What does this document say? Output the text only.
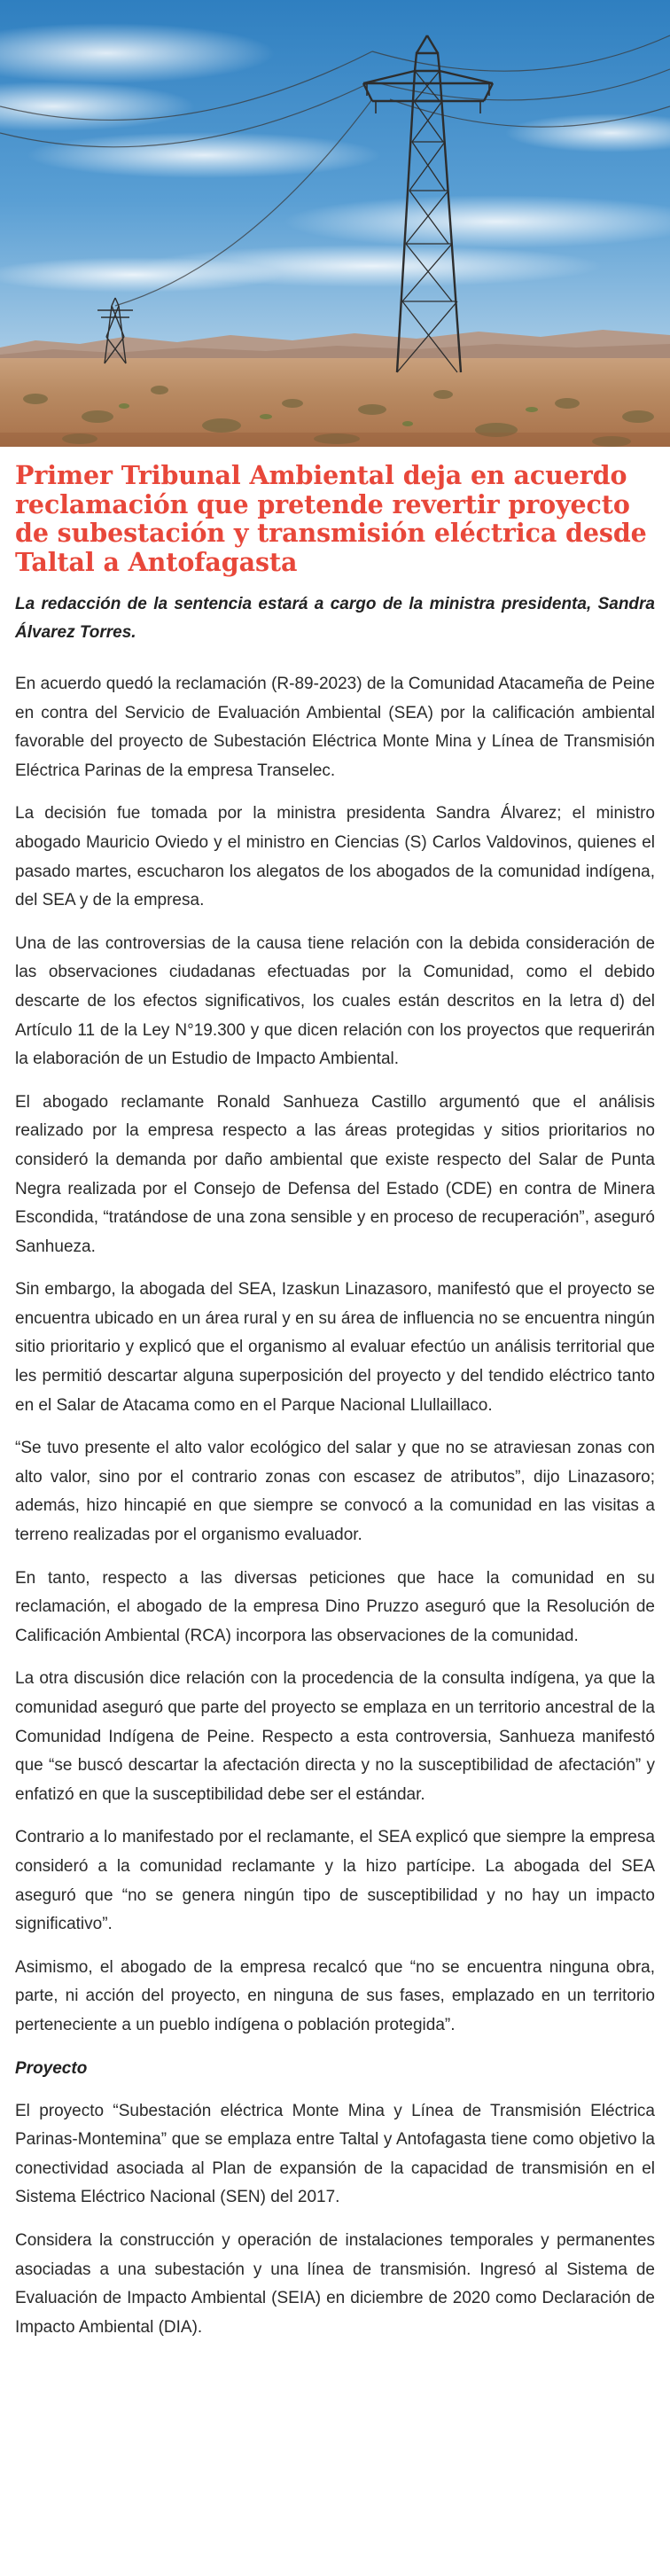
Primer Tribunal Ambiental deja en acuerdo reclamación que pretende revertir proyecto de subestación y transmisión eléctrica desde Taltal a Antofagasta

La redacción de la sentencia estará a cargo de la ministra presidenta, Sandra Álvarez Torres.

En acuerdo quedó la reclamación (R-89-2023) de la Comunidad Atacameña de Peine en contra del Servicio de Evaluación Ambiental (SEA) por la calificación ambiental favorable del proyecto de Subestación Eléctrica Monte Mina y Línea de Transmisión Eléctrica Parinas de la empresa Transelec.

La decisión fue tomada por la ministra presidenta Sandra Álvarez; el ministro abogado Mauricio Oviedo y el ministro en Ciencias (S) Carlos Valdovinos, quienes el pasado martes, escucharon los alegatos de los abogados de la comunidad indígena, del SEA y de la empresa.

Una de las controversias de la causa tiene relación con la debida consideración de las observaciones ciudadanas efectuadas por la Comunidad, como el debido descarte de los efectos significativos, los cuales están descritos en la letra d) del Artículo 11 de la Ley N°19.300 y que dicen relación con los proyectos que requerirán la elaboración de un Estudio de Impacto Ambiental.

El abogado reclamante Ronald Sanhueza Castillo argumentó que el análisis realizado por la empresa respecto a las áreas protegidas y sitios prioritarios no consideró la demanda por daño ambiental que existe respecto del Salar de Punta Negra realizada por el Consejo de Defensa del Estado (CDE) en contra de Minera Escondida, “tratándose de una zona sensible y en proceso de recuperación”, aseguró Sanhueza.

Sin embargo, la abogada del SEA, Izaskun Linazasoro, manifestó que el proyecto se encuentra ubicado en un área rural y en su área de influencia no se encuentra ningún sitio prioritario y explicó que el organismo al evaluar efectúo un análisis territorial que les permitió descartar alguna superposición del proyecto y del tendido eléctrico tanto en el Salar de Atacama como en el Parque Nacional Llullaillaco.

“Se tuvo presente el alto valor ecológico del salar y que no se atraviesan zonas con alto valor, sino por el contrario zonas con escasez de atributos”, dijo Linazasoro; además, hizo hincapié en que siempre se convocó a la comunidad en las visitas a terreno realizadas por el organismo evaluador.

En tanto, respecto a las diversas peticiones que hace la comunidad en su reclamación, el abogado de la empresa Dino Pruzzo aseguró que la Resolución de Calificación Ambiental (RCA) incorpora las observaciones de la comunidad.

La otra discusión dice relación con la procedencia de la consulta indígena, ya que la comunidad aseguró que parte del proyecto se emplaza en un territorio ancestral de la Comunidad Indígena de Peine. Respecto a esta controversia, Sanhueza manifestó que “se buscó descartar la afectación directa y no la susceptibilidad de afectación” y enfatizó en que la susceptibilidad debe ser el estándar.

Contrario a lo manifestado por el reclamante, el SEA explicó que siempre la empresa consideró a la comunidad reclamante y la hizo partícipe. La abogada del SEA aseguró que “no se genera ningún tipo de susceptibilidad y no hay un impacto significativo”.

Asimismo, el abogado de la empresa recalcó que “no se encuentra ninguna obra, parte, ni acción del proyecto, en ninguna de sus fases, emplazado en un territorio perteneciente a un pueblo indígena o población protegida”.

Proyecto

El proyecto “Subestación eléctrica Monte Mina y Línea de Transmisión Eléctrica Parinas-Montemina” que se emplaza entre Taltal y Antofagasta tiene como objetivo la conectividad asociada al Plan de expansión de la capacidad de transmisión en el Sistema Eléctrico Nacional (SEN) del 2017.

Considera la construcción y operación de instalaciones temporales y permanentes asociadas a una subestación y una línea de transmisión. Ingresó al Sistema de Evaluación de Impacto Ambiental (SEIA) en diciembre de 2020 como Declaración de Impacto Ambiental (DIA).
